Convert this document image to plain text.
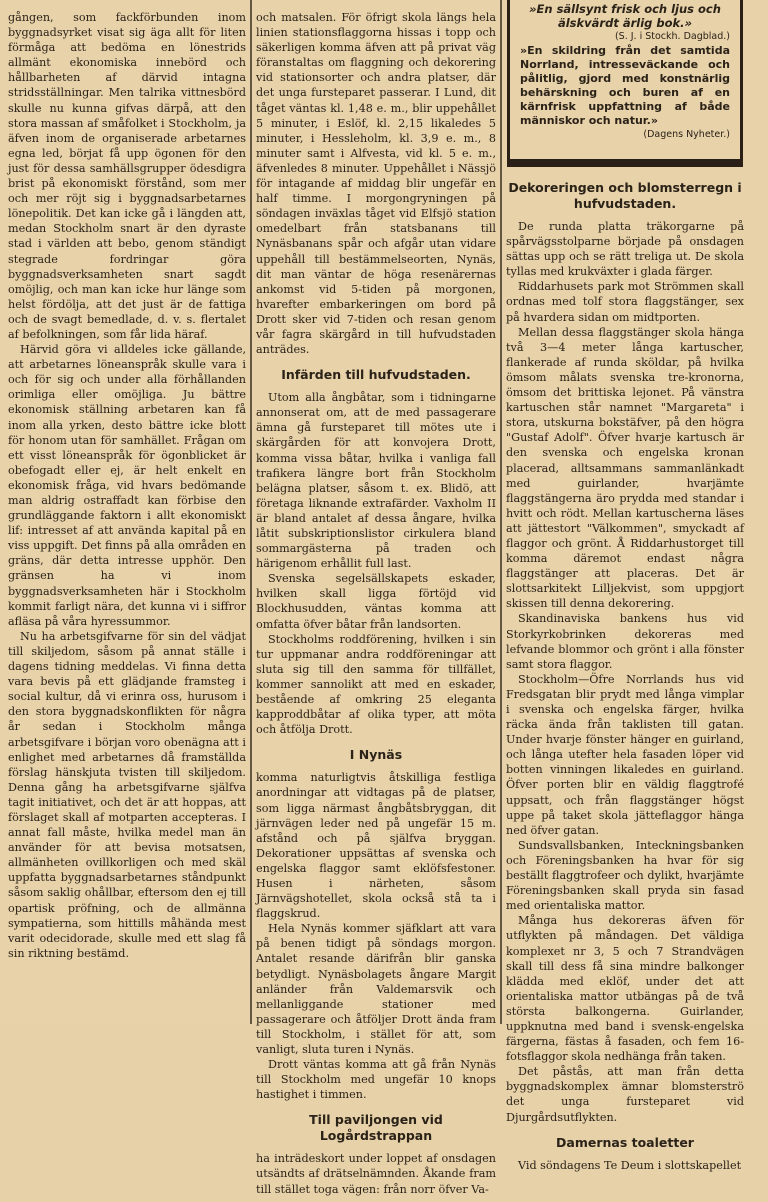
gången, som fackförbunden inom byggnadsyrket visat sig äga allt för liten förmåga att bedöma en lönestrids allmänt ekonomiska innebörd och hållbarheten af därvid intagna stridsställningar. Men talrika vittnesbörd skulle nu kunna gifvas därpå, att den stora massan af småfolket i Stockholm, ja äfven inom de organiserade arbetarnes egna led, börjat få upp ögonen för den just för dessa samhällsgrupper ödesdigra brist på ekonomiskt förstånd, som mer och mer röjt sig i byggnadsarbetarnes lönepolitik. Det kan icke gå i längden att, medan Stockholm snart är den dyraste stad i världen att bebo, genom ständigt stegrade fordringar göra byggnadsverksamheten snart sagdt omöjlig, och man kan icke hur länge som helst fördölja, att det just är de fattiga och de svagt bemedlade, d. v. s. flertalet af befolkningen, som får lida häraf.

Härvid göra vi alldeles icke gällande, att arbetarnes löneanspråk skulle vara i och för sig och under alla förhållanden orimliga eller omöjliga. Ju bättre ekonomisk ställning arbetaren kan få inom alla yrken, desto bättre icke blott för honom utan för samhället. Frågan om ett visst löneanspråk för ögonblicket är obefogadt eller ej, är helt enkelt en ekonomisk fråga, vid hvars bedömande man aldrig ostraffadt kan förbise den grundläggande faktorn i allt ekonomiskt lif: intresset af att använda kapital på en viss uppgift. Det finns på alla områden en gräns, där detta intresse upphör. Den gränsen ha vi inom byggnadsverksamheten här i Stockholm kommit farligt nära, det kunna vi i siffror afläsa på våra hyressummor.

Nu ha arbetsgifvarne för sin del vädjat till skiljedom, såsom på annat ställe i dagens tidning meddelas. Vi finna detta vara bevis på ett glädjande framsteg i social kultur, då vi erinra oss, hurusom i den stora byggnadskonflikten för några år sedan i Stockholm många arbetsgifvare i början voro obenägna att i enlighet med arbetarnes då framställda förslag hänskjuta tvisten till skiljedom. Denna gång ha arbetsgifvarne själfva tagit initiativet, och det är att hoppas, att förslaget skall af motparten accepteras. I annat fall måste, hvilka medel man än använder för att bevisa motsatsen, allmänheten ovillkorligen och med skäl uppfatta byggnadsarbetarnes ståndpunkt såsom saklig ohållbar, eftersom den ej till opartisk pröfning, och de allmänna sympatierna, som hittills måhända mest varit odecidorade, skulle med ett slag få sin riktning bestämd.

och matsalen. För öfrigt skola längs hela linien stationsflaggorna hissas i topp och säkerligen komma äfven att på privat väg föranstaltas om flaggning och dekorering vid stationsorter och andra platser, där det unga fursteparet passerar. I Lund, dit tåget väntas kl. 1,48 e. m., blir uppehållet 5 minuter, i Eslöf, kl. 2,15 likaledes 5 minuter, i Hessleholm, kl. 3,9 e. m., 8 minuter samt i Alfvesta, vid kl. 5 e. m., äfvenledes 8 minuter. Uppehållet i Nässjö för intagande af middag blir ungefär en half timme. I morgongryningen på söndagen inväxlas tåget vid Elfsjö station omedelbart från statsbanans till Nynäsbanans spår och afgår utan vidare uppehåll till bestämmelseorten, Nynäs, dit man väntar de höga resenärernas ankomst vid 5-tiden på morgonen, hvarefter embarkeringen om bord på Drott sker vid 7-tiden och resan genom vår fagra skärgård in till hufvudstaden anträdes.

Infärden till hufvudstaden.

Utom alla ångbåtar, som i tidningarne annonserat om, att de med passagerare ämna gå fursteparet till mötes ute i skärgården för att konvojera Drott, komma vissa båtar, hvilka i vanliga fall trafikera längre bort från Stockholm belägna platser, såsom t. ex. Blidö, att företaga liknande extrafärder. Vaxholm II är bland antalet af dessa ångare, hvilka låtit subskriptionslistor cirkulera bland sommargästerna på traden och härigenom erhållit full last.

Svenska segelsällskapets eskader, hvilken skall ligga förtöjd vid Blockhusudden, väntas komma att omfatta öfver båtar från landsorten.

Stockholms roddförening, hvilken i sin tur uppmanar andra roddföreningar att sluta sig till den samma för tillfället, kommer sannolikt att med en eskader, bestående af omkring 25 eleganta kapproddbåtar af olika typer, att möta och åtfölja Drott.

I Nynäs

komma naturligtvis åtskilliga festliga anordningar att vidtagas på de platser, som ligga närmast ångbåtsbryggan, dit järnvägen leder ned på ungefär 15 m. afstånd och på själfva bryggan. Dekorationer uppsättas af svenska och engelska flaggor samt eklöfsfestoner. Husen i närheten, såsom Järnvägshotellet, skola också stå ta i flaggskrud.

Hela Nynäs kommer sjäfklart att vara på benen tidigt på söndags morgon. Antalet resande därifrån blir ganska betydligt. Nynäsbolagets ångare Margit anländer från Valdemarsvik och mellanliggande stationer med passagerare och åtföljer Drott ända fram till Stockholm, i stället för att, som vanligt, sluta turen i Nynäs.

Drott väntas komma att gå från Nynäs till Stockholm med ungefär 10 knops hastighet i timmen.

Till paviljongen vid Logårdstrappan

ha inträdeskort under loppet af onsdagen utsändts af drätselnämnden. Åkande fram till stället toga vägen: från norr öfver Va-

»En sällsynt frisk och ljus och älskvärdt ärlig bok.»
(S. J. i Stockh. Dagblad.)
»En skildring från det samtida Norrland, intresseväckande och pålitlig, gjord med konstnärlig behärskning och buren af en kärnfrisk uppfattning af både människor och natur.»
(Dagens Nyheter.)
Dekoreringen och blomsterregn i hufvudstaden.

De runda platta träkorgarne på spårvägsstolparne började på onsdagen sättas upp och se rätt treliga ut. De skola tyllas med krukväxter i glada färger.

Riddarhusets park mot Strömmen skall ordnas med tolf stora flaggstänger, sex på hvardera sidan om midtporten.

Mellan dessa flaggstänger skola hänga två 3—4 meter långa kartuscher, flankerade af runda sköldar, på hvilka ömsom målats svenska tre-kronorna, ömsom det brittiska lejonet. På vänstra kartuschen står namnet "Margareta" i stora, utskurna bokstäfver, på den högra "Gustaf Adolf". Öfver hvarje kartusch är den svenska och engelska kronan placerad, alltsammans sammanlänkadt med guirlander, hvarjämte flaggstängerna äro prydda med standar i hvitt och rödt. Mellan kartuscherna läses att jättestort "Välkommen", smyckadt af flaggor och grönt. Å Riddarhustorget till komma däremot endast några flaggstänger att placeras. Det är slottsarkitekt Lilljekvist, som uppgjort skissen till denna dekorering.

Skandinaviska bankens hus vid Storkyrkobrinken dekoreras med lefvande blommor och grönt i alla fönster samt stora flaggor.

Stockholm—Öfre Norrlands hus vid Fredsgatan blir prydt med långa vimplar i svenska och engelska färger, hvilka räcka ända från taklisten till gatan. Under hvarje fönster hänger en guirland, och långa utefter hela fasaden löper vid botten vinningen likaledes en guirland. Öfver porten blir en väldig flaggtrofé uppsatt, och från flaggstänger högst uppe på taket skola jätteflaggor hänga ned öfver gatan.

Sundsvallsbanken, Inteckningsbanken och Föreningsbanken ha hvar för sig beställt flaggtrofeer och dylikt, hvarjämte Föreningsbanken skall pryda sin fasad med orientaliska mattor.

Många hus dekoreras äfven för utflykten på måndagen. Det väldiga komplexet nr 3, 5 och 7 Strandvägen skall till dess få sina mindre balkonger klädda med eklöf, under det att orientaliska mattor utbängas på de två största balkongerna. Guirlander, uppknutna med band i svensk-engelska färgerna, fästas å fasaden, och fem 16-fotsflaggor skola nedhänga från taken.

Det påstås, att man från detta byggnadskomplex ämnar blomsterströ det unga fursteparet vid Djurgårdsutflykten.

Damernas toaletter

Vid söndagens Te Deum i slottskapellet
